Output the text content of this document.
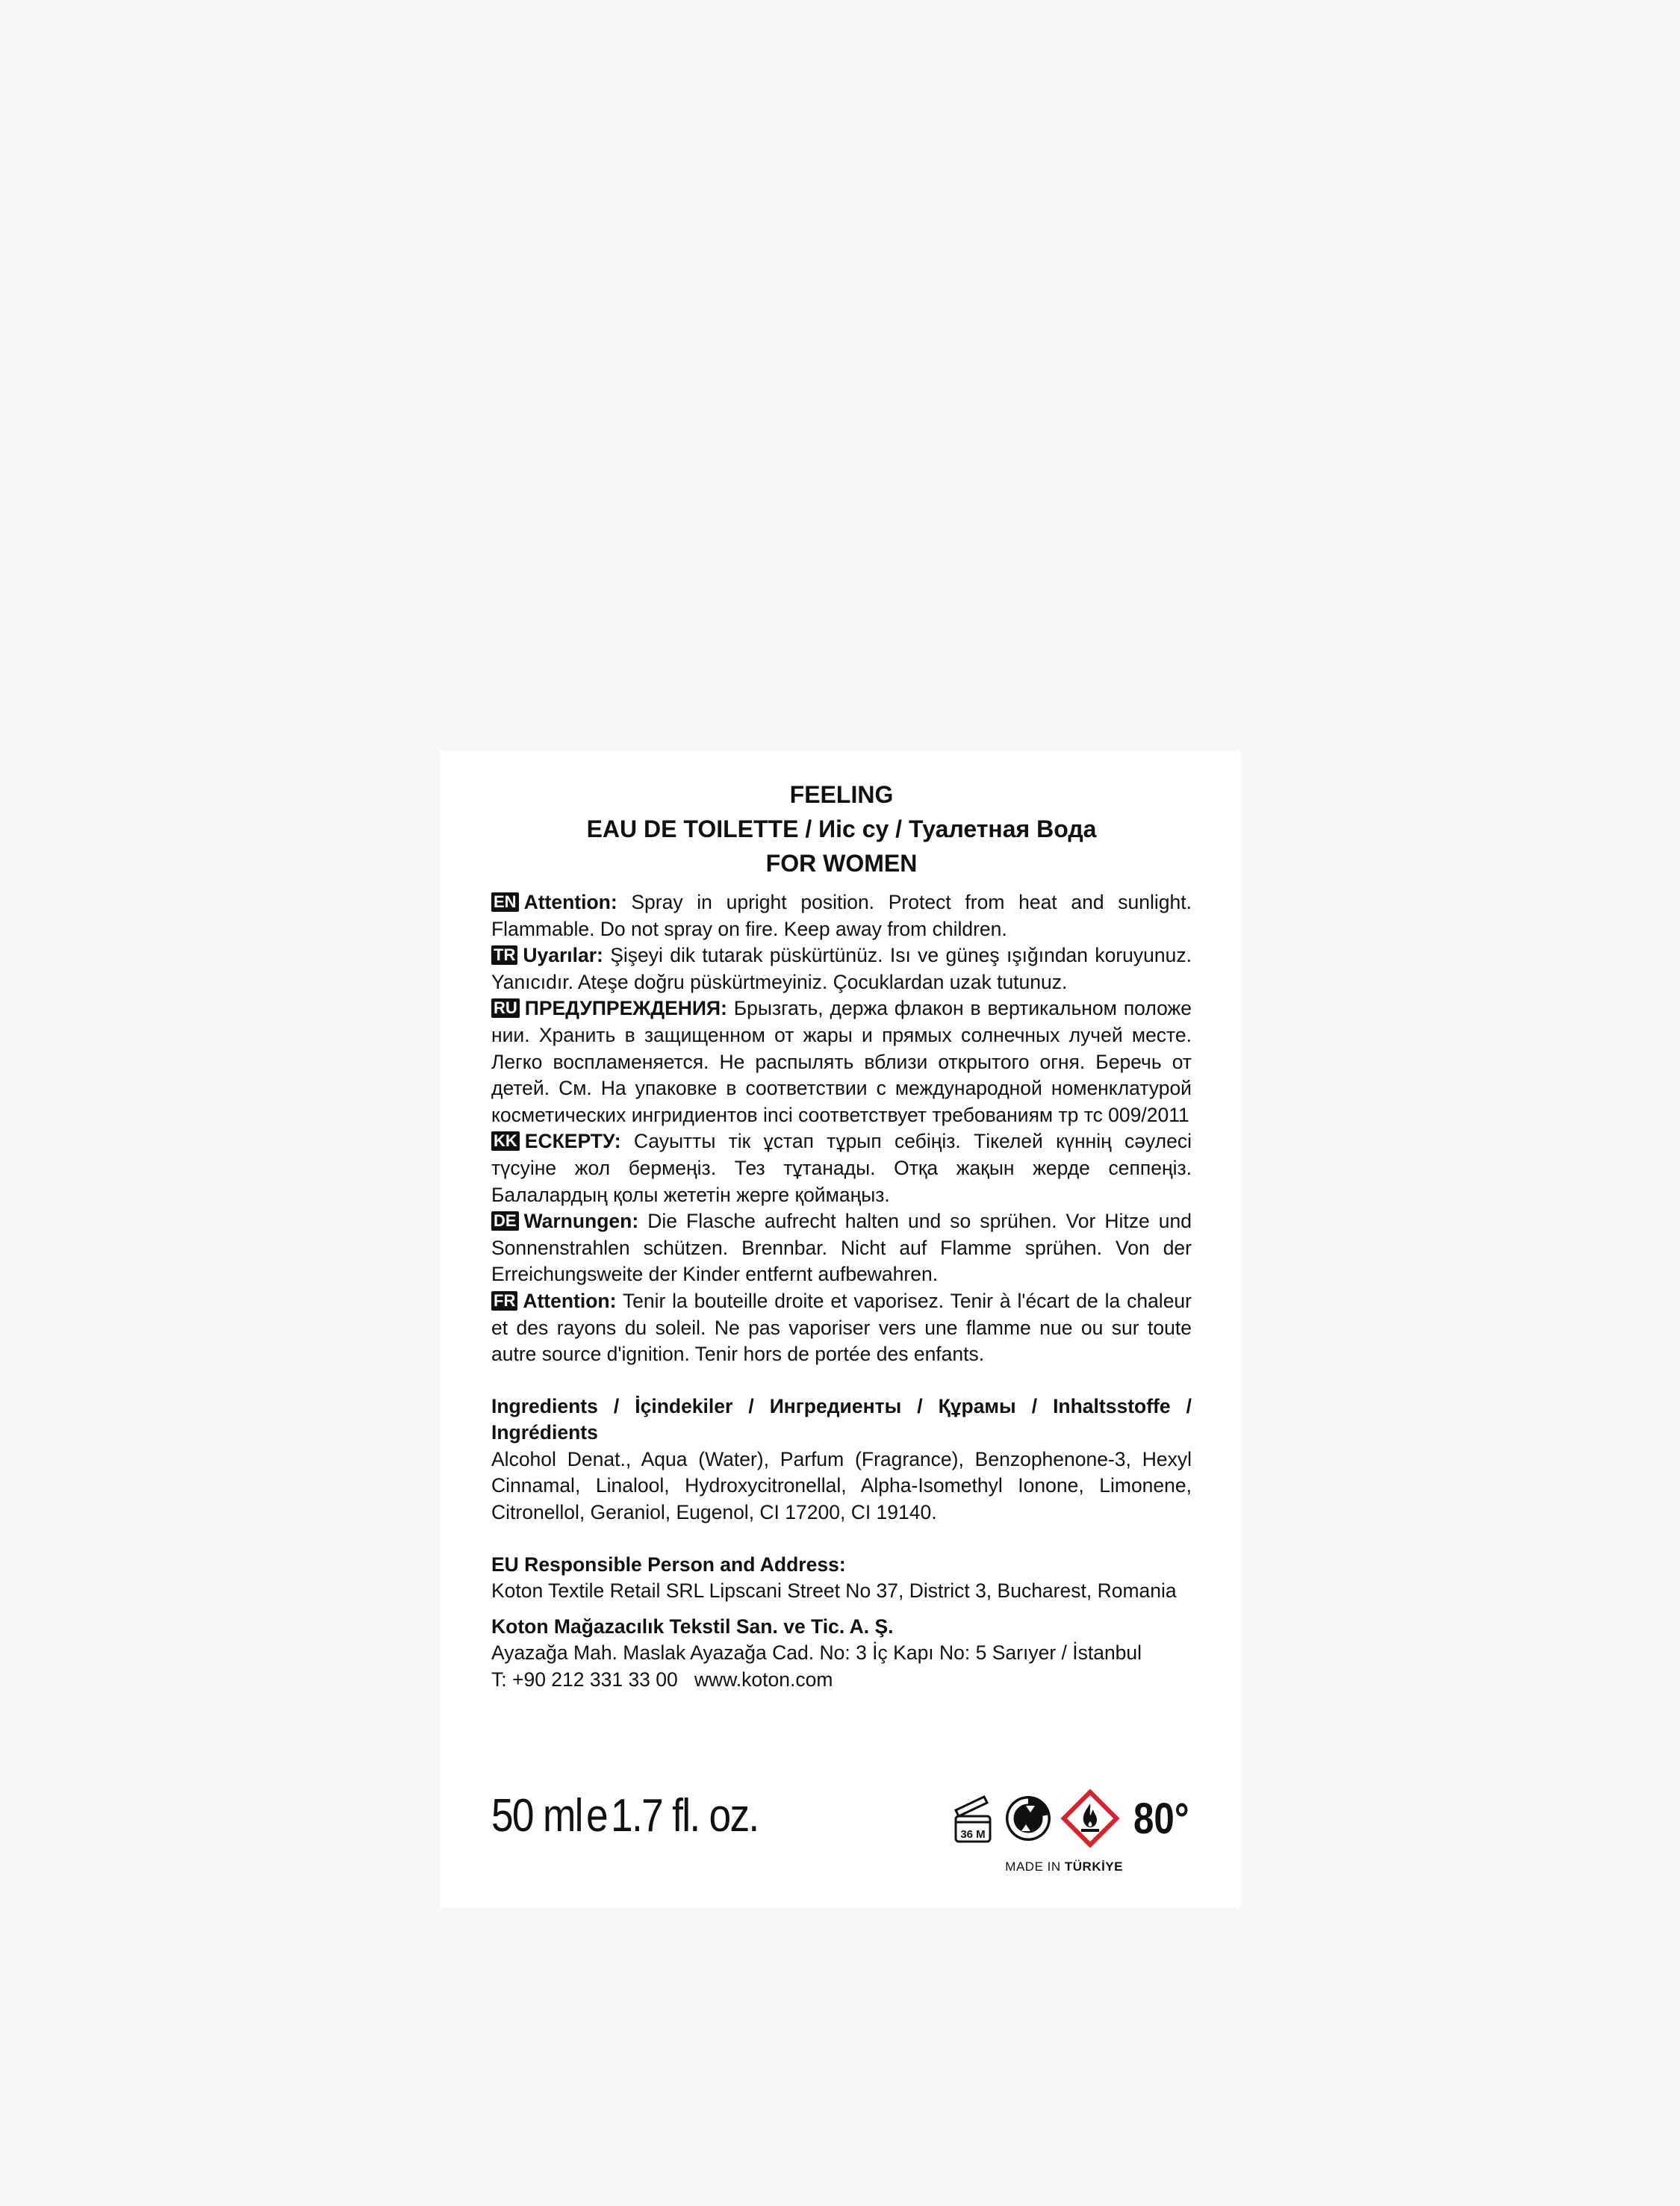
FEELING
EAU DE TOILETTE / Иіс су / Туалетная Вода
FOR WOMEN

EN Attention: Spray in upright position. Protect from heat and sunlight. Flammable. Do not spray on fire. Keep away from children.

TR Uyarılar: Şişeyi dik tutarak püskürtünüz. Isı ve güneş ışığından koruyunuz. Yanıcıdır. Ateşe doğru püskürtmeyiniz. Çocuklardan uzak tutunuz.

RU ПРЕДУПРЕЖДЕНИЯ: Брызгать, держа флакон в вертикальном положе нии. Хранить в защищенном от жары и прямых солнечных лучей месте. Легко воспламеняется. Не распылять вблизи открытого огня. Беречь от детей. См. На упаковке в соответствии с международной номенклатурой косметических ингридиентов inci соответствует требованиям тр тс 009/2011

KK ЕСКЕРТУ: Сауытты тік ұстап тұрып себіңіз. Тікелей күннің сәулесі түсуіне жол бермеңіз. Тез тұтанады. Отқа жақын жерде сеппеңіз. Балалардың қолы жететін жерге қоймаңыз.

DE Warnungen: Die Flasche aufrecht halten und so sprühen. Vor Hitze und Sonnenstrahlen schützen. Brennbar. Nicht auf Flamme sprühen. Von der Erreichungsweite der Kinder entfernt aufbewahren.

FR Attention: Tenir la bouteille droite et vaporisez. Tenir à l'écart de la chaleur et des rayons du soleil. Ne pas vaporiser vers une flamme nue ou sur toute autre source d'ignition. Tenir hors de portée des enfants.

Ingredients / İçindekiler / Ингредиенты / Құрамы / Inhaltsstoffe / Ingrédients
Alcohol Denat., Aqua (Water), Parfum (Fragrance), Benzophenone-3, Hexyl Cinnamal, Linalool, Hydroxycitronellal, Alpha-Isomethyl Ionone, Limonene, Citronellol, Geraniol, Eugenol, CI 17200, CI 19140.
EU Responsible Person and Address:
Koton Textile Retail SRL Lipscani Street No 37, District 3, Bucharest, Romania
Koton Mağazacılık Tekstil San. ve Tic. A. Ş.
Ayazağa Mah. Maslak Ayazağa Cad. No: 3 İç Kapı No: 5 Sarıyer / İstanbul
T: +90 212 331 33 00 www.koton.com
50 mle1.7 fl. oz.	36 M	80°
MADE IN TÜRKİYE
